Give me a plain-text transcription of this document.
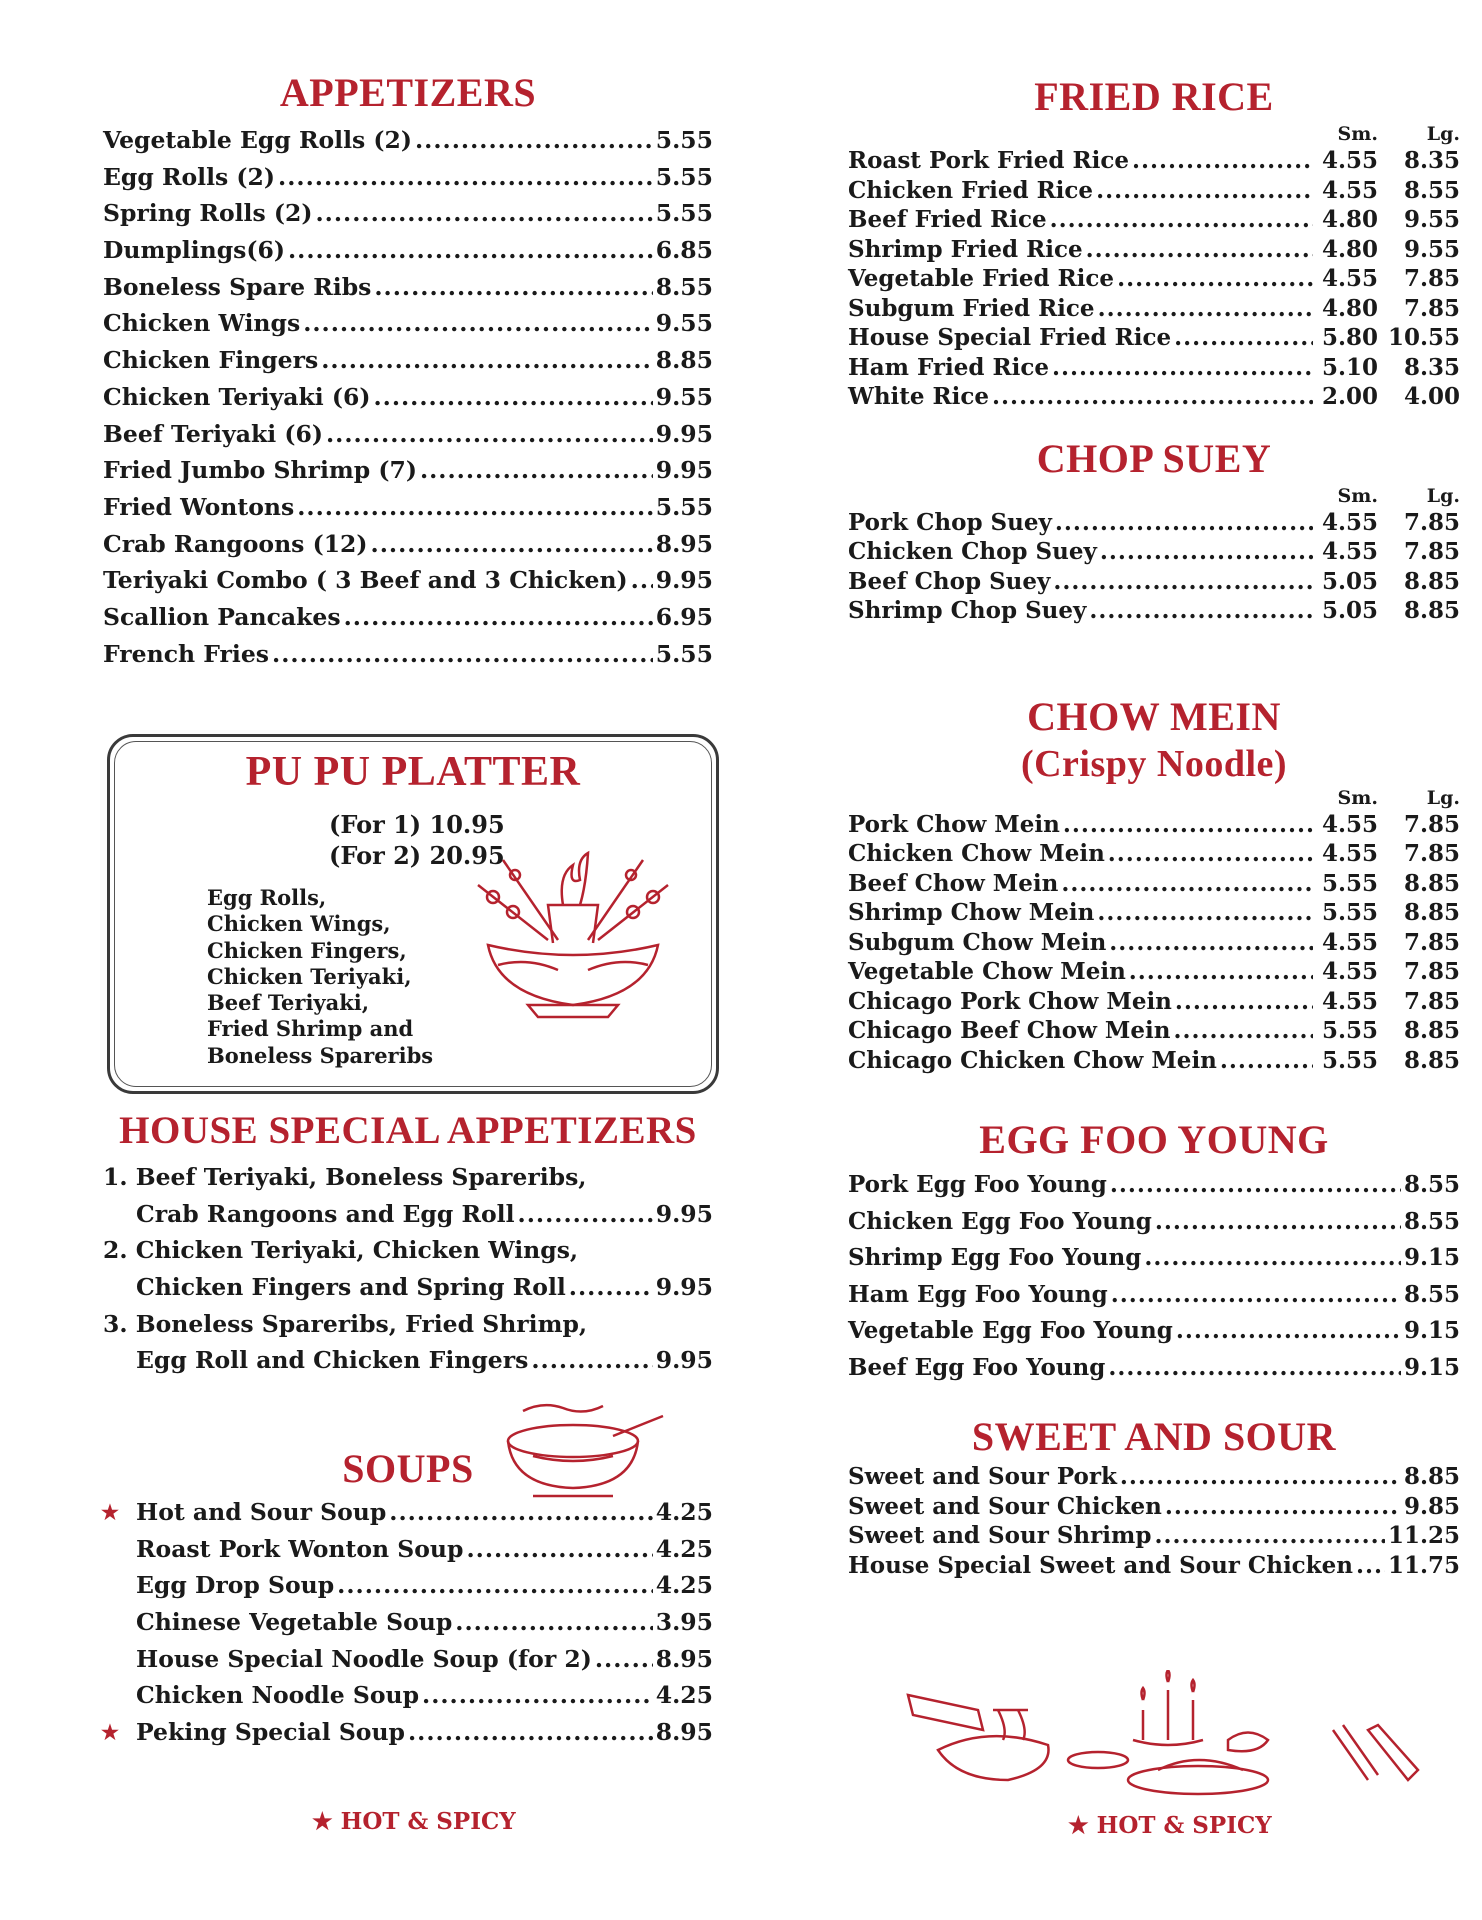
APPETIZERS
Vegetable Egg Rolls (2) .....	5.55
Egg Rolls (2) .....	5.55
Spring Rolls (2) .....	5.55
Dumplings(6) .....	6.85
Boneless Spare Ribs .....	8.55
Chicken Wings .....	9.55
Chicken Fingers .....	8.85
Chicken Teriyaki (6) .....	9.55
Beef Teriyaki (6) .....	9.95
Fried Jumbo Shrimp (7) .....	9.95
Fried Wontons .....	5.55
Crab Rangoons (12) .....	8.95
Teriyaki Combo ( 3 Beef and 3 Chicken) ..... 9.95
Scallion Pancakes .....	6.95
French Fries .....	5.55
PU PU PLATTER
(For 1) 10.95
(For 2) 20.95
Egg Rolls,
Chicken Wings,
Chicken Fingers,
Chicken Teriyaki,
Beef Teriyaki,
Fried Shrimp and
Boneless Spareribs
HOUSE SPECIAL APPETIZERS
1. Beef Teriyaki, Boneless Spareribs,
Crab Rangoons and Egg Roll .....	9.95
2. Chicken Teriyaki, Chicken Wings,
Chicken Fingers and Spring Roll .....	9.95
3. Boneless Spareribs, Fried Shrimp,
Egg Roll and Chicken Fingers .....	9.95
SOUPS
★ Hot and Sour Soup .....	4.25
Roast Pork Wonton Soup .....	4.25
Egg Drop Soup .....	4.25
Chinese Vegetable Soup .....	3.95
House Special Noodle Soup (for 2) .....	8.95
Chicken Noodle Soup .....	4.25
★ Peking Special Soup .....	8.95
★ HOT & SPICY
FRIED RICE
Sm.	Lg.
Roast Pork Fried Rice .....	4.55	8.35
Chicken Fried Rice .....	4.55	8.55
Beef Fried Rice .....	4.80	9.55
Shrimp Fried Rice .....	4.80	9.55
Vegetable Fried Rice .....	4.55	7.85
Subgum Fried Rice .....	4.80	7.85
House Special Fried Rice .....	5.80 10.55
Ham Fried Rice .....	5.10	8.35
White Rice .....	2.00	4.00
CHOP SUEY
Sm.	Lg.
Pork Chop Suey .....	4.55	7.85
Chicken Chop Suey .....	4.55	7.85
Beef Chop Suey .....	5.05	8.85
Shrimp Chop Suey .....	5.05	8.85
CHOW MEIN
(Crispy Noodle)
Sm.	Lg.
Pork Chow Mein .....	4.55	7.85
Chicken Chow Mein .....	4.55	7.85
Beef Chow Mein .....	5.55	8.85
Shrimp Chow Mein .....	5.55	8.85
Subgum Chow Mein .....	4.55	7.85
Vegetable Chow Mein .....	4.55	7.85
Chicago Pork Chow Mein .....	4.55	7.85
Chicago Beef Chow Mein .....	5.55	8.85
Chicago Chicken Chow Mein .....	5.55	8.85
EGG FOO YOUNG
Pork Egg Foo Young .....	8.55
Chicken Egg Foo Young .....	8.55
Shrimp Egg Foo Young .....	9.15
Ham Egg Foo Young .....	8.55
Vegetable Egg Foo Young .....	9.15
Beef Egg Foo Young .....	9.15
SWEET AND SOUR
Sweet and Sour Pork .....	8.85
Sweet and Sour Chicken .....	9.85
Sweet and Sour Shrimp .....	11.25
House Special Sweet and Sour Chicken ..... 11.75
★ HOT & SPICY
